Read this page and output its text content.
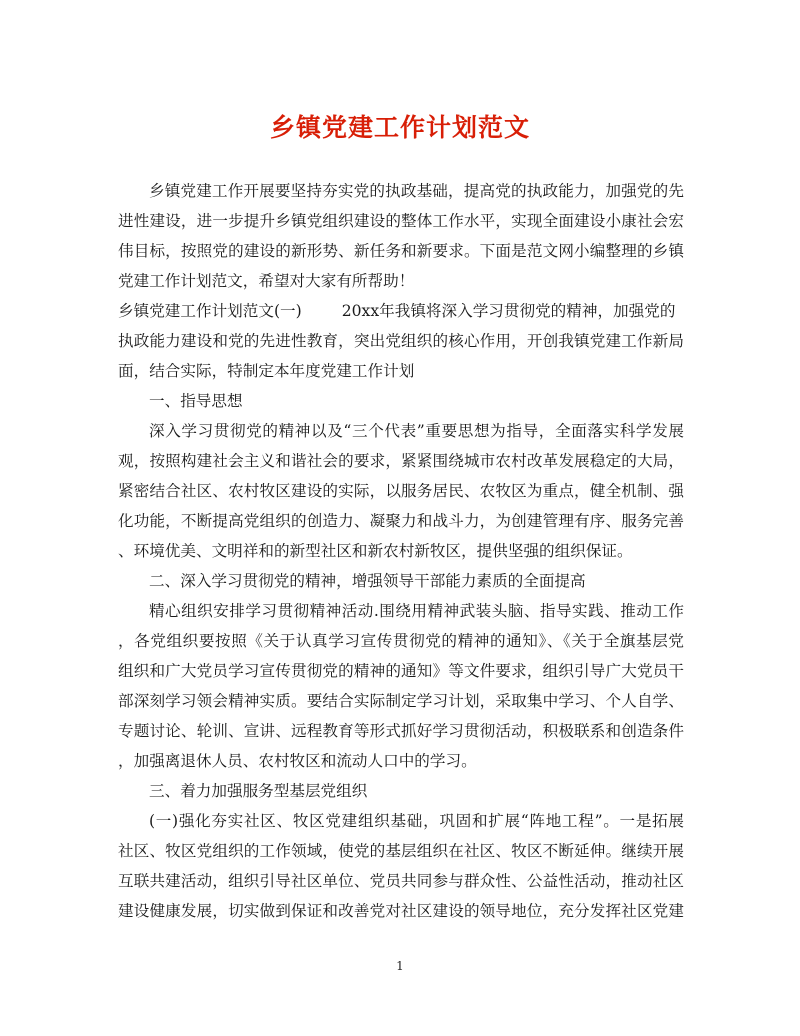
乡镇党建工作计划范文
乡镇党建工作开展要坚持夯实党的执政基础，提高党的执政能力，加强党的先
进性建设，进一步提升乡镇党组织建设的整体工作水平，实现全面建设小康社会宏
伟目标，按照党的建设的新形势、新任务和新要求。下面是范文网小编整理的乡镇
党建工作计划范文，希望对大家有所帮助！
乡镇党建工作计划范文(一)	20xx年我镇将深入学习贯彻党的精神，加强党的
执政能力建设和党的先进性教育，突出党组织的核心作用，开创我镇党建工作新局
面，结合实际，特制定本年度党建工作计划
一、指导思想
深入学习贯彻党的精神以及“三个代表”重要思想为指导，全面落实科学发展
观，按照构建社会主义和谐社会的要求，紧紧围绕城市农村改革发展稳定的大局，
紧密结合社区、农村牧区建设的实际，以服务居民、农牧区为重点，健全机制、强
化功能，不断提高党组织的创造力、凝聚力和战斗力，为创建管理有序、服务完善
、环境优美、文明祥和的新型社区和新农村新牧区，提供坚强的组织保证。
二、深入学习贯彻党的精神，增强领导干部能力素质的全面提高
精心组织安排学习贯彻精神活动.围绕用精神武装头脑、指导实践、推动工作
，各党组织要按照《关于认真学习宣传贯彻党的精神的通知》、《关于全旗基层党
组织和广大党员学习宣传贯彻党的精神的通知》等文件要求，组织引导广大党员干
部深刻学习领会精神实质。要结合实际制定学习计划，采取集中学习、个人自学、
专题讨论、轮训、宣讲、远程教育等形式抓好学习贯彻活动，积极联系和创造条件
，加强离退休人员、农村牧区和流动人口中的学习。
三、着力加强服务型基层党组织
(一)强化夯实社区、牧区党建组织基础，巩固和扩展“阵地工程”。一是拓展
社区、牧区党组织的工作领域，使党的基层组织在社区、牧区不断延伸。继续开展
互联共建活动，组织引导社区单位、党员共同参与群众性、公益性活动，推动社区
建设健康发展，切实做到保证和改善党对社区建设的领导地位，充分发挥社区党建
1
